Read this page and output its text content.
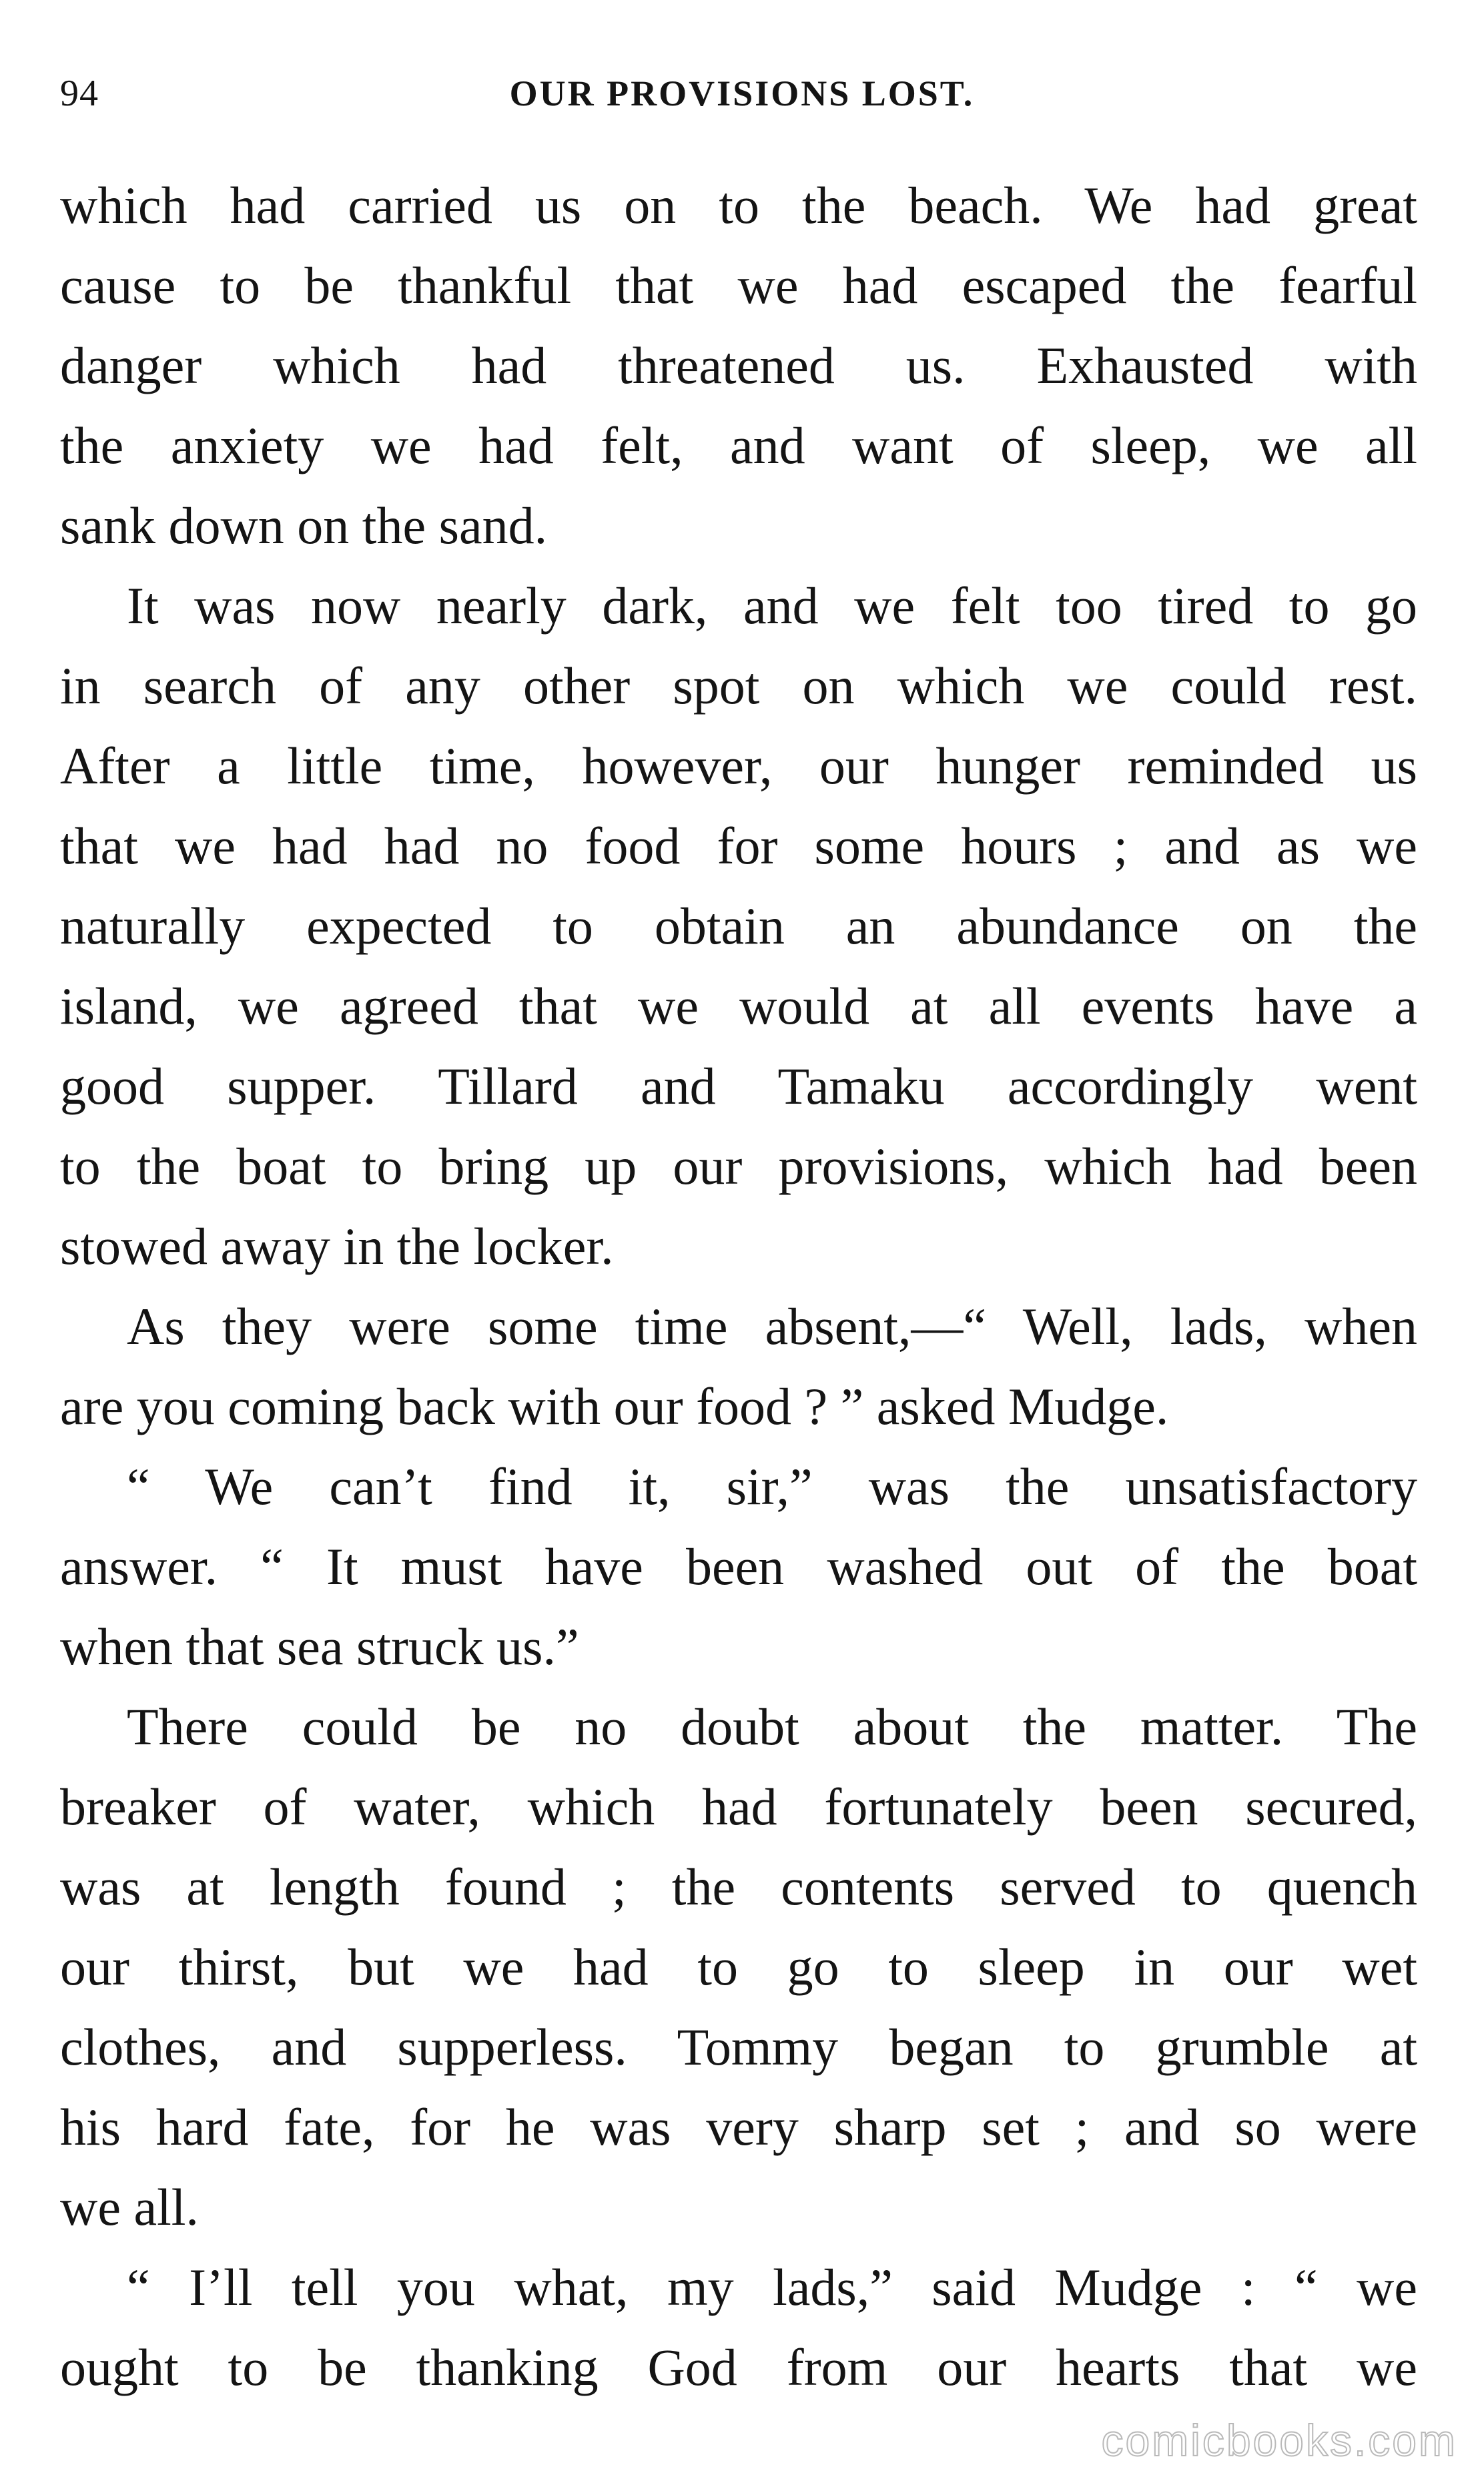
94	OUR PROVISIONS LOST.
which had carried us on to the beach. We had great
cause to be thankful that we had escaped the fearful
danger which had threatened us. Exhausted with
the anxiety we had felt, and want of sleep, we all
sank down on the sand.
It was now nearly dark, and we felt too tired to go
in search of any other spot on which we could rest.
After a little time, however, our hunger reminded us
that we had had no food for some hours ; and as we
naturally expected to obtain an abundance on the
island, we agreed that we would at all events have a
good supper. Tillard and Tamaku accordingly went
to the boat to bring up our provisions, which had been
stowed away in the locker.
As they were some time absent,—“ Well, lads, when
are you coming back with our food ? ” asked Mudge.
“ We can’t find it, sir,” was the unsatisfactory
answer. “ It must have been washed out of the boat
when that sea struck us.”
There could be no doubt about the matter. The
breaker of water, which had fortunately been secured,
was at length found ; the contents served to quench
our thirst, but we had to go to sleep in our wet
clothes, and supperless. Tommy began to grumble at
his hard fate, for he was very sharp set ; and so were
we all.
“ I’ll tell you what, my lads,” said Mudge : “ we
ought to be thanking God from our hearts that we
comicbooks.com
